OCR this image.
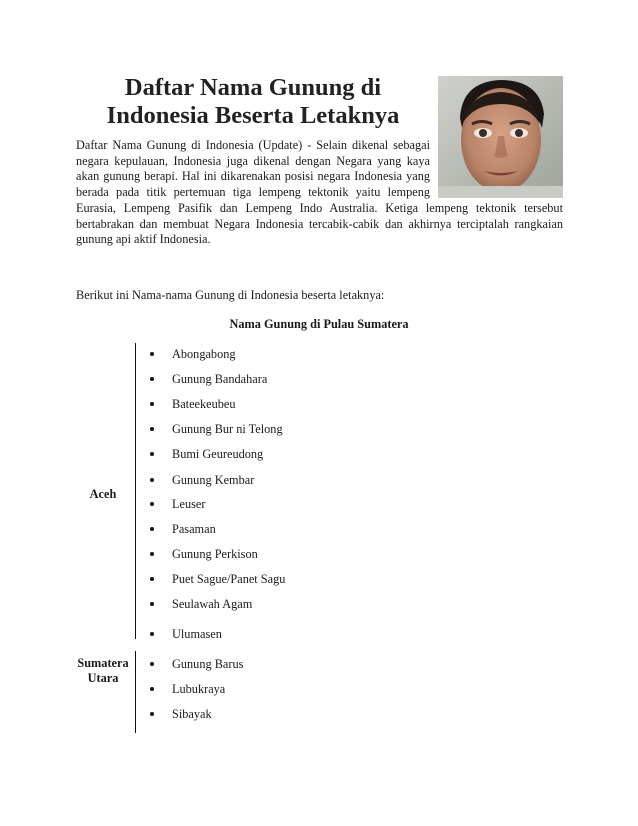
Daftar Nama Gunung di
Indonesia Beserta Letaknya
Daftar Nama Gunung di Indonesia (Update) - Selain dikenal sebagai
negara kepulauan, Indonesia juga dikenal dengan Negara yang kaya
akan gunung berapi. Hal ini dikarenakan posisi negara Indonesia yang
berada pada titik pertemuan tiga lempeng tektonik yaitu lempeng
Eurasia, Lempeng Pasifik dan Lempeng Indo Australia. Ketiga lempeng tektonik tersebut
bertabrakan dan membuat Negara Indonesia tercabik-cabik dan akhirnya terciptalah rangkaian
gunung api aktif Indonesia.
Berikut ini Nama-nama Gunung di Indonesia beserta letaknya:
Nama Gunung di Pulau Sumatera
Aceh
Abongabong
Gunung Bandahara
Bateekeubeu
Gunung Bur ni Telong
Bumi Geureudong
Gunung Kembar
Leuser
Pasaman
Gunung Perkison
Puet Sague/Panet Sagu
Seulawah Agam
Ulumasen
Sumatera
Utara
Gunung Barus
Lubukraya
Sibayak
